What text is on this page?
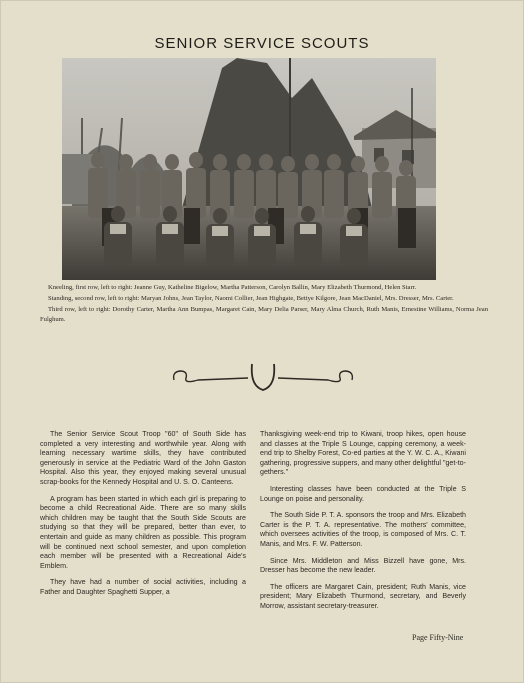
SENIOR SERVICE SCOUTS

Kneeling, first row, left to right: Jeanne Guy, Katheline Bigelow, Martha Patterson, Carolyn Ballin, Mary Elizabeth Thurmond, Helen Starr.

Standing, second row, left to right: Maryan Johns, Jean Taylor, Naomi Collier, Jean Highgate, Bettye Kilgore, Jean MacDaniel, Mrs. Dresser, Mrs. Carter.

Third row, left to right: Dorothy Carter, Martha Ann Bumpas, Margaret Cain, Mary Delia Parser, Mary Alma Church, Ruth Manis, Ernestine Williams, Norma Jean Fulghum.

The Senior Service Scout Troop "60" of South Side has completed a very interesting and worthwhile year. Along with learning necessary wartime skills, they have contributed generously in service at the Pediatric Ward of the John Gaston Hospital. Also this year, they enjoyed making several unusual scrap-books for the Kennedy Hospital and U. S. O. Canteens.

A program has been started in which each girl is preparing to become a child Recreational Aide. There are so many skills which children may be taught that the South Side Scouts are studying so that they will be prepared, better than ever, to entertain and guide as many children as possible. This program will be continued next school semester, and upon completion each member will be presented with a Recreational Aide's Emblem.

They have had a number of social activities, including a Father and Daughter Spaghetti Supper, a

Thanksgiving week-end trip to Kiwani, troop hikes, open house and classes at the Triple S Lounge, capping ceremony, a week-end trip to Shelby Forest, Co-ed parties at the Y. W. C. A., Kiwani gathering, progressive suppers, and many other delightful "get-to-gethers."

Interesting classes have been conducted at the Triple S Lounge on poise and personality.

The South Side P. T. A. sponsors the troop and Mrs. Elizabeth Carter is the P. T. A. representative. The mothers' committee, which oversees activities of the troop, is composed of Mrs. C. T. Manis, and Mrs. F. W. Patterson.

Since Mrs. Middleton and Miss Bizzell have gone, Mrs. Dresser has become the new leader.

The officers are Margaret Cain, president; Ruth Manis, vice president; Mary Elizabeth Thurmond, secretary, and Beverly Morrow, assistant secretary-treasurer.

Page Fifty-Nine
